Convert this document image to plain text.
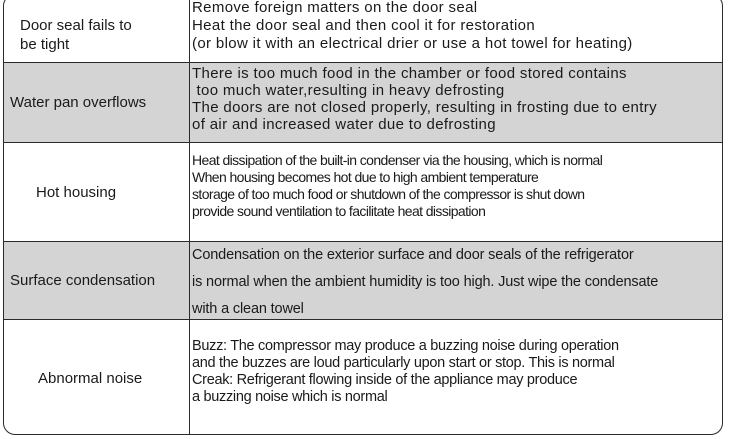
Door seal fails to
be tight
Remove foreign matters on the door seal
Heat the door seal and then cool it for restoration
(or blow it with an electrical drier or use a hot towel for heating)
Water pan overflows
There is too much food in the chamber or food stored contains
too much water,resulting in heavy defrosting
The doors are not closed properly, resulting in frosting due to entry
of air and increased water due to defrosting
Hot housing
Heat dissipation of the built-in condenser via the housing, which is normal
When housing becomes hot due to high ambient temperature
storage of too much food or shutdown of the compressor is shut down
provide sound ventilation to facilitate heat dissipation
Surface condensation
Condensation on the exterior surface and door seals of the refrigerator
is normal when the ambient humidity is too high. Just wipe the condensate
with a clean towel
Abnormal noise
Buzz: The compressor may produce a buzzing noise during operation
and the buzzes are loud particularly upon start or stop. This is normal
Creak: Refrigerant flowing inside of the appliance may produce
a buzzing noise which is normal
